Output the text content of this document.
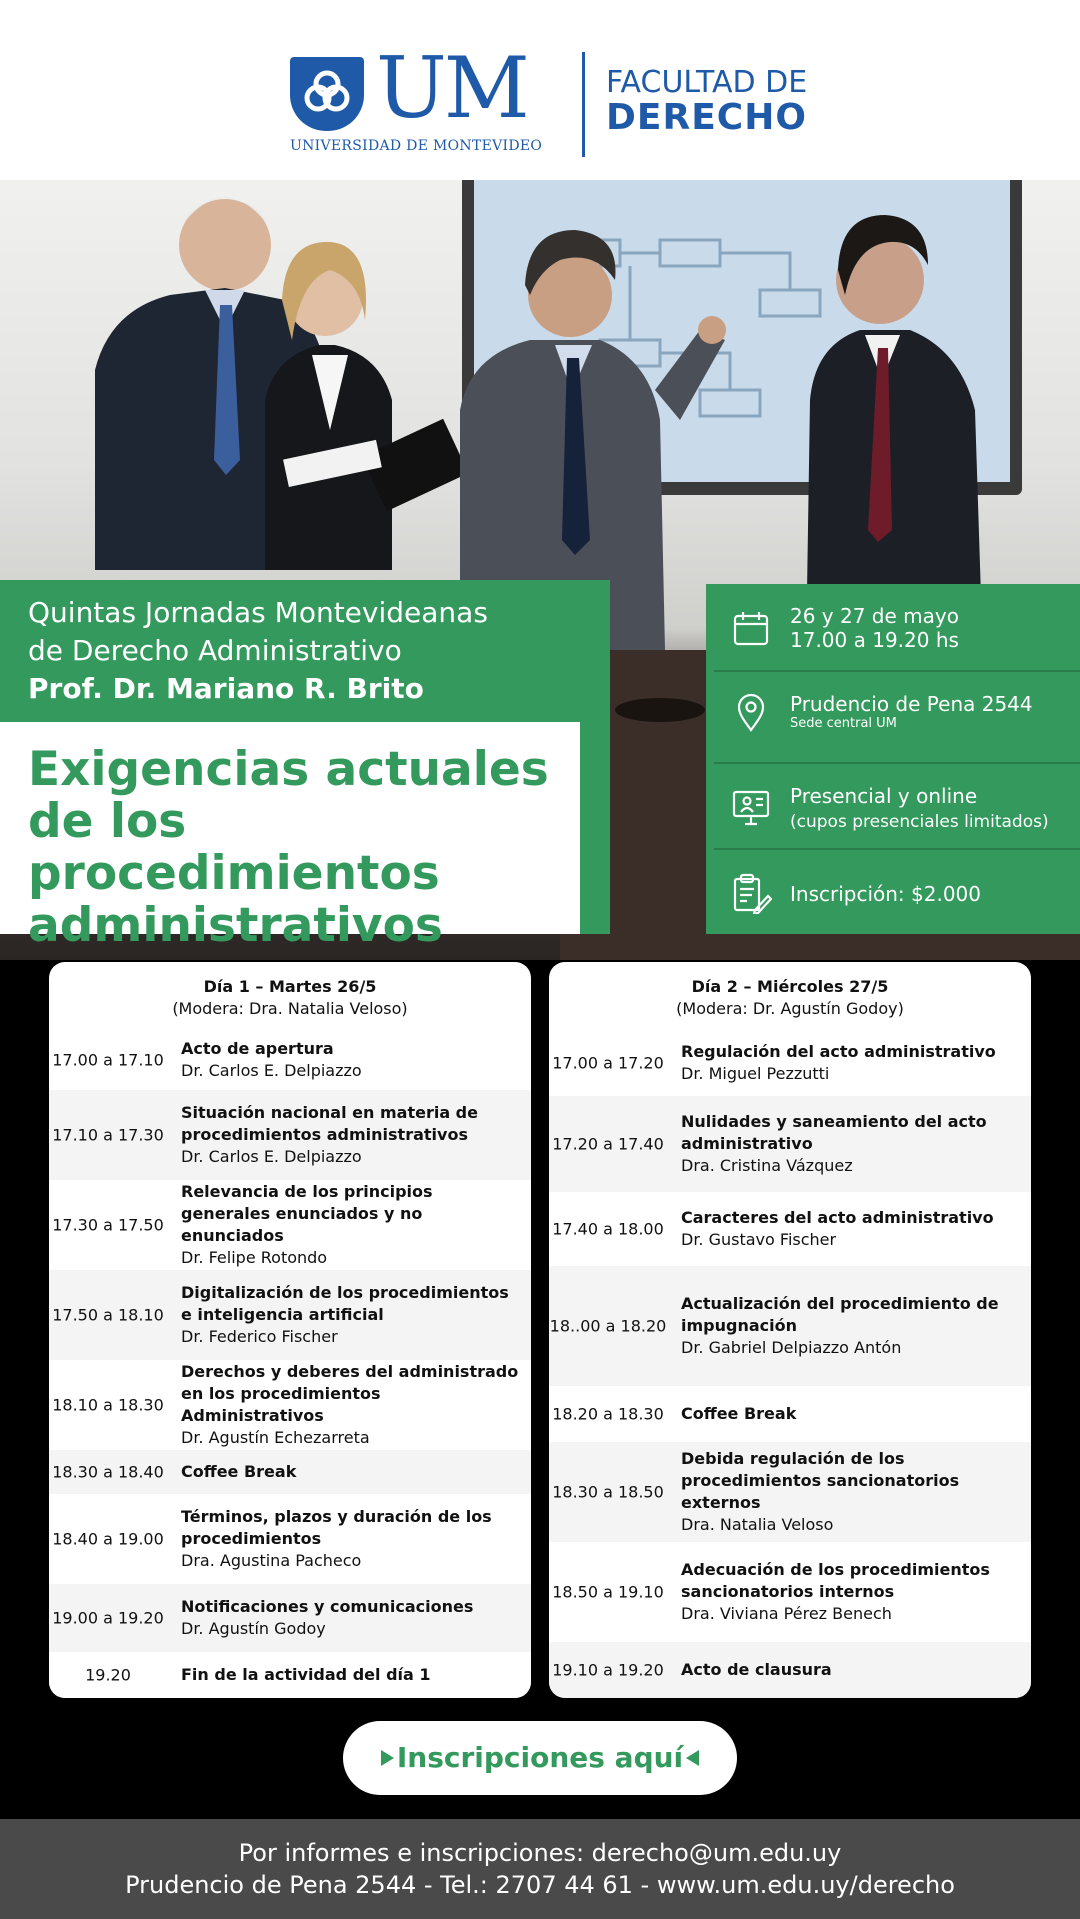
UM
UNIVERSIDAD DE MONTEVIDEO
FACULTAD DE
DERECHO
Quintas Jornadas Montevideanas
de Derecho Administrativo
Prof. Dr. Mariano R. Brito
Exigencias actuales
de los procedimientos
administrativos
26 y 27 de mayo
17.00 a 19.20 hs
Prudencio de Pena 2544
Sede central UM
Presencial y online
(cupos presenciales limitados)
Inscripción: $2.000
Día 1 – Martes 26/5
(Modera: Dra. Natalia Veloso)
17.00 a 17.10
Acto de apertura
Dr. Carlos E. Delpiazzo
17.10 a 17.30
Situación nacional en materia de procedimientos administrativos
Dr. Carlos E. Delpiazzo
17.30 a 17.50
Relevancia de los principios generales enunciados y no enunciados
Dr. Felipe Rotondo
17.50 a 18.10
Digitalización de los procedimientos e inteligencia artificial
Dr. Federico Fischer
18.10 a 18.30
Derechos y deberes del administrado en los procedimientos Administrativos
Dr. Agustín Echezarreta
18.30 a 18.40 Coffee Break
18.40 a 19.00
Términos, plazos y duración de los procedimientos
Dra. Agustina Pacheco
19.00 a 19.20
Notificaciones y comunicaciones
Dr. Agustín Godoy
19.20	Fin de la actividad del día 1
Día 2 – Miércoles 27/5
(Modera: Dr. Agustín Godoy)
17.00 a 17.20
Regulación del acto administrativo
Dr. Miguel Pezzutti
17.20 a 17.40
Nulidades y saneamiento del acto administrativo
Dra. Cristina Vázquez
17.40 a 18.00
Caracteres del acto administrativo
Dr. Gustavo Fischer
18..00 a 18.20
Actualización del procedimiento de impugnación
Dr. Gabriel Delpiazzo Antón
18.20 a 18.30 Coffee Break
18.30 a 18.50
Debida regulación de los procedimientos sancionatorios externos
Dra. Natalia Veloso
18.50 a 19.10
Adecuación de los procedimientos sancionatorios internos
Dra. Viviana Pérez Benech
19.10 a 19.20 Acto de clausura
Inscripciones aquí
Por informes e inscripciones: derecho@um.edu.uy
Prudencio de Pena 2544 - Tel.: 2707 44 61 - www.um.edu.uy/derecho
